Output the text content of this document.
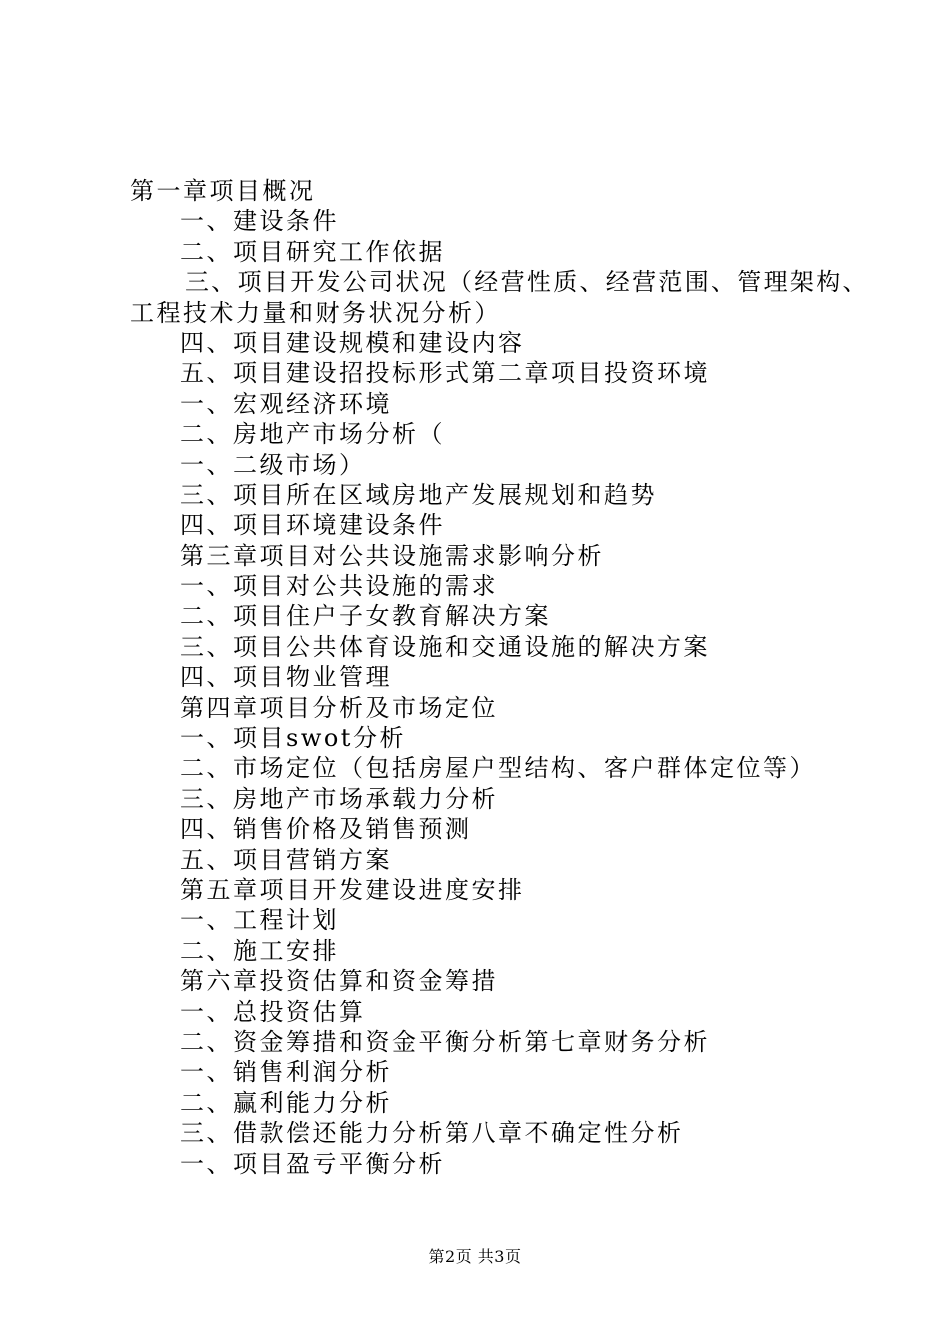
第一章项目概况
一、建设条件
二、项目研究工作依据
三、项目开发公司状况（经营性质、经营范围、管理架构、
工程技术力量和财务状况分析）
四、项目建设规模和建设内容
五、项目建设招投标形式第二章项目投资环境
一、宏观经济环境
二、房地产市场分析（
一、二级市场）
三、项目所在区域房地产发展规划和趋势
四、项目环境建设条件
第三章项目对公共设施需求影响分析
一、项目对公共设施的需求
二、项目住户子女教育解决方案
三、项目公共体育设施和交通设施的解决方案
四、项目物业管理
第四章项目分析及市场定位
一、项目swot分析
二、市场定位（包括房屋户型结构、客户群体定位等）
三、房地产市场承载力分析
四、销售价格及销售预测
五、项目营销方案
第五章项目开发建设进度安排
一、工程计划
二、施工安排
第六章投资估算和资金筹措
一、总投资估算
二、资金筹措和资金平衡分析第七章财务分析
一、销售利润分析
二、赢利能力分析
三、借款偿还能力分析第八章不确定性分析
一、项目盈亏平衡分析
第2页 共3页
